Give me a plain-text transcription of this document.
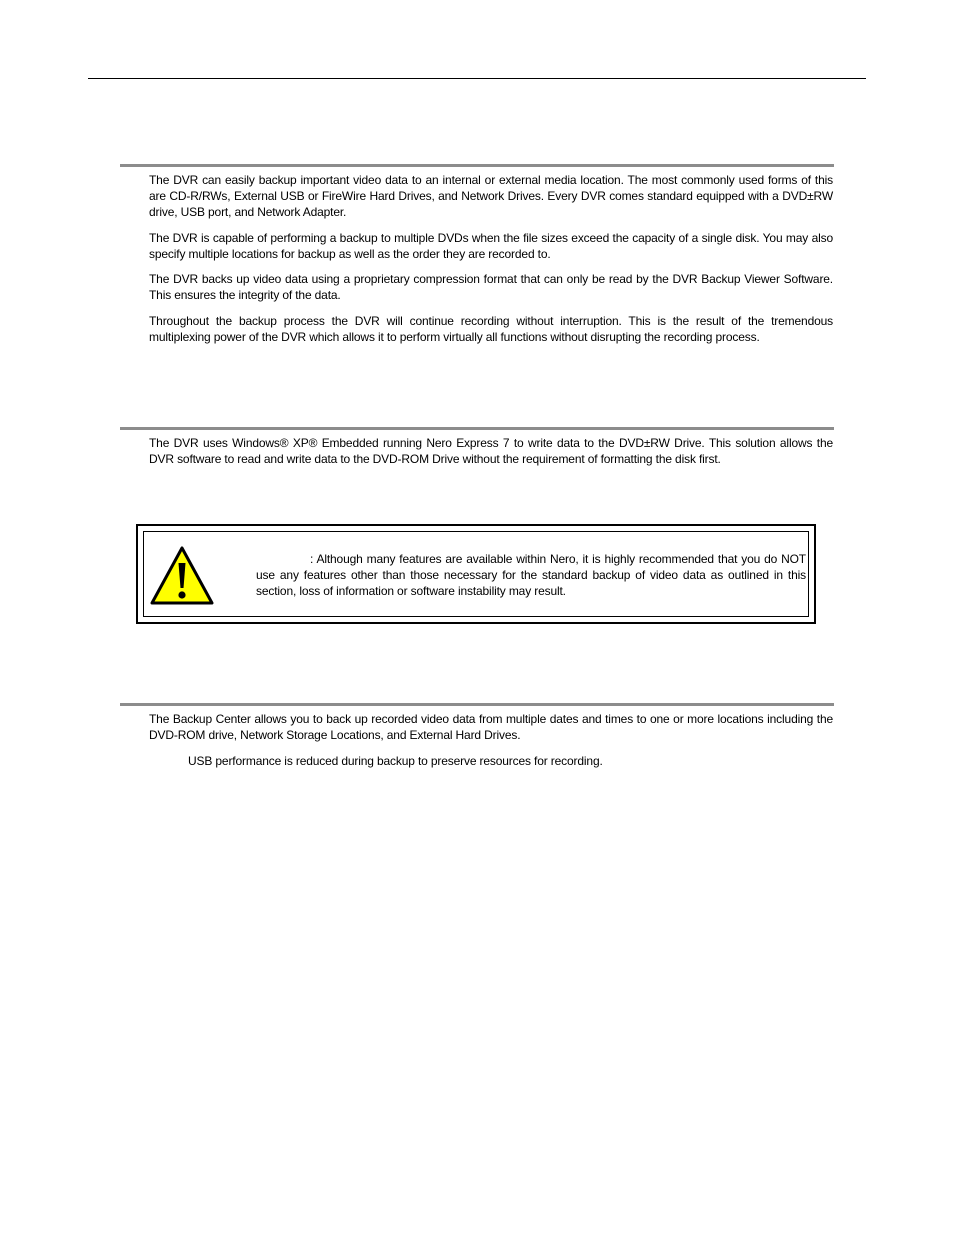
The DVR can easily backup important video data to an internal or external media location. The most commonly used forms of this are CD-R/RWs, External USB or FireWire Hard Drives, and Network Drives. Every DVR comes standard equipped with a DVD±RW drive, USB port, and Network Adapter.

The DVR is capable of performing a backup to multiple DVDs when the file sizes exceed the capacity of a single disk. You may also specify multiple locations for backup as well as the order they are recorded to.

The DVR backs up video data using a proprietary compression format that can only be read by the DVR Backup Viewer Software. This ensures the integrity of the data.

Throughout the backup process the DVR will continue recording without interruption. This is the result of the tremendous multiplexing power of the DVR which allows it to perform virtually all functions without disrupting the recording process.

The DVR uses Windows® XP® Embedded running Nero Express 7 to write data to the DVD±RW Drive. This solution allows the DVR software to read and write data to the DVD-ROM Drive without the requirement of formatting the disk first.

: Although many features are available within Nero, it is highly recommended that you do NOT use any features other than those necessary for the standard backup of video data as outlined in this section, loss of information or software instability may result.

The Backup Center allows you to back up recorded video data from multiple dates and times to one or more locations including the DVD-ROM drive, Network Storage Locations, and External Hard Drives.

USB performance is reduced during backup to preserve resources for recording.
